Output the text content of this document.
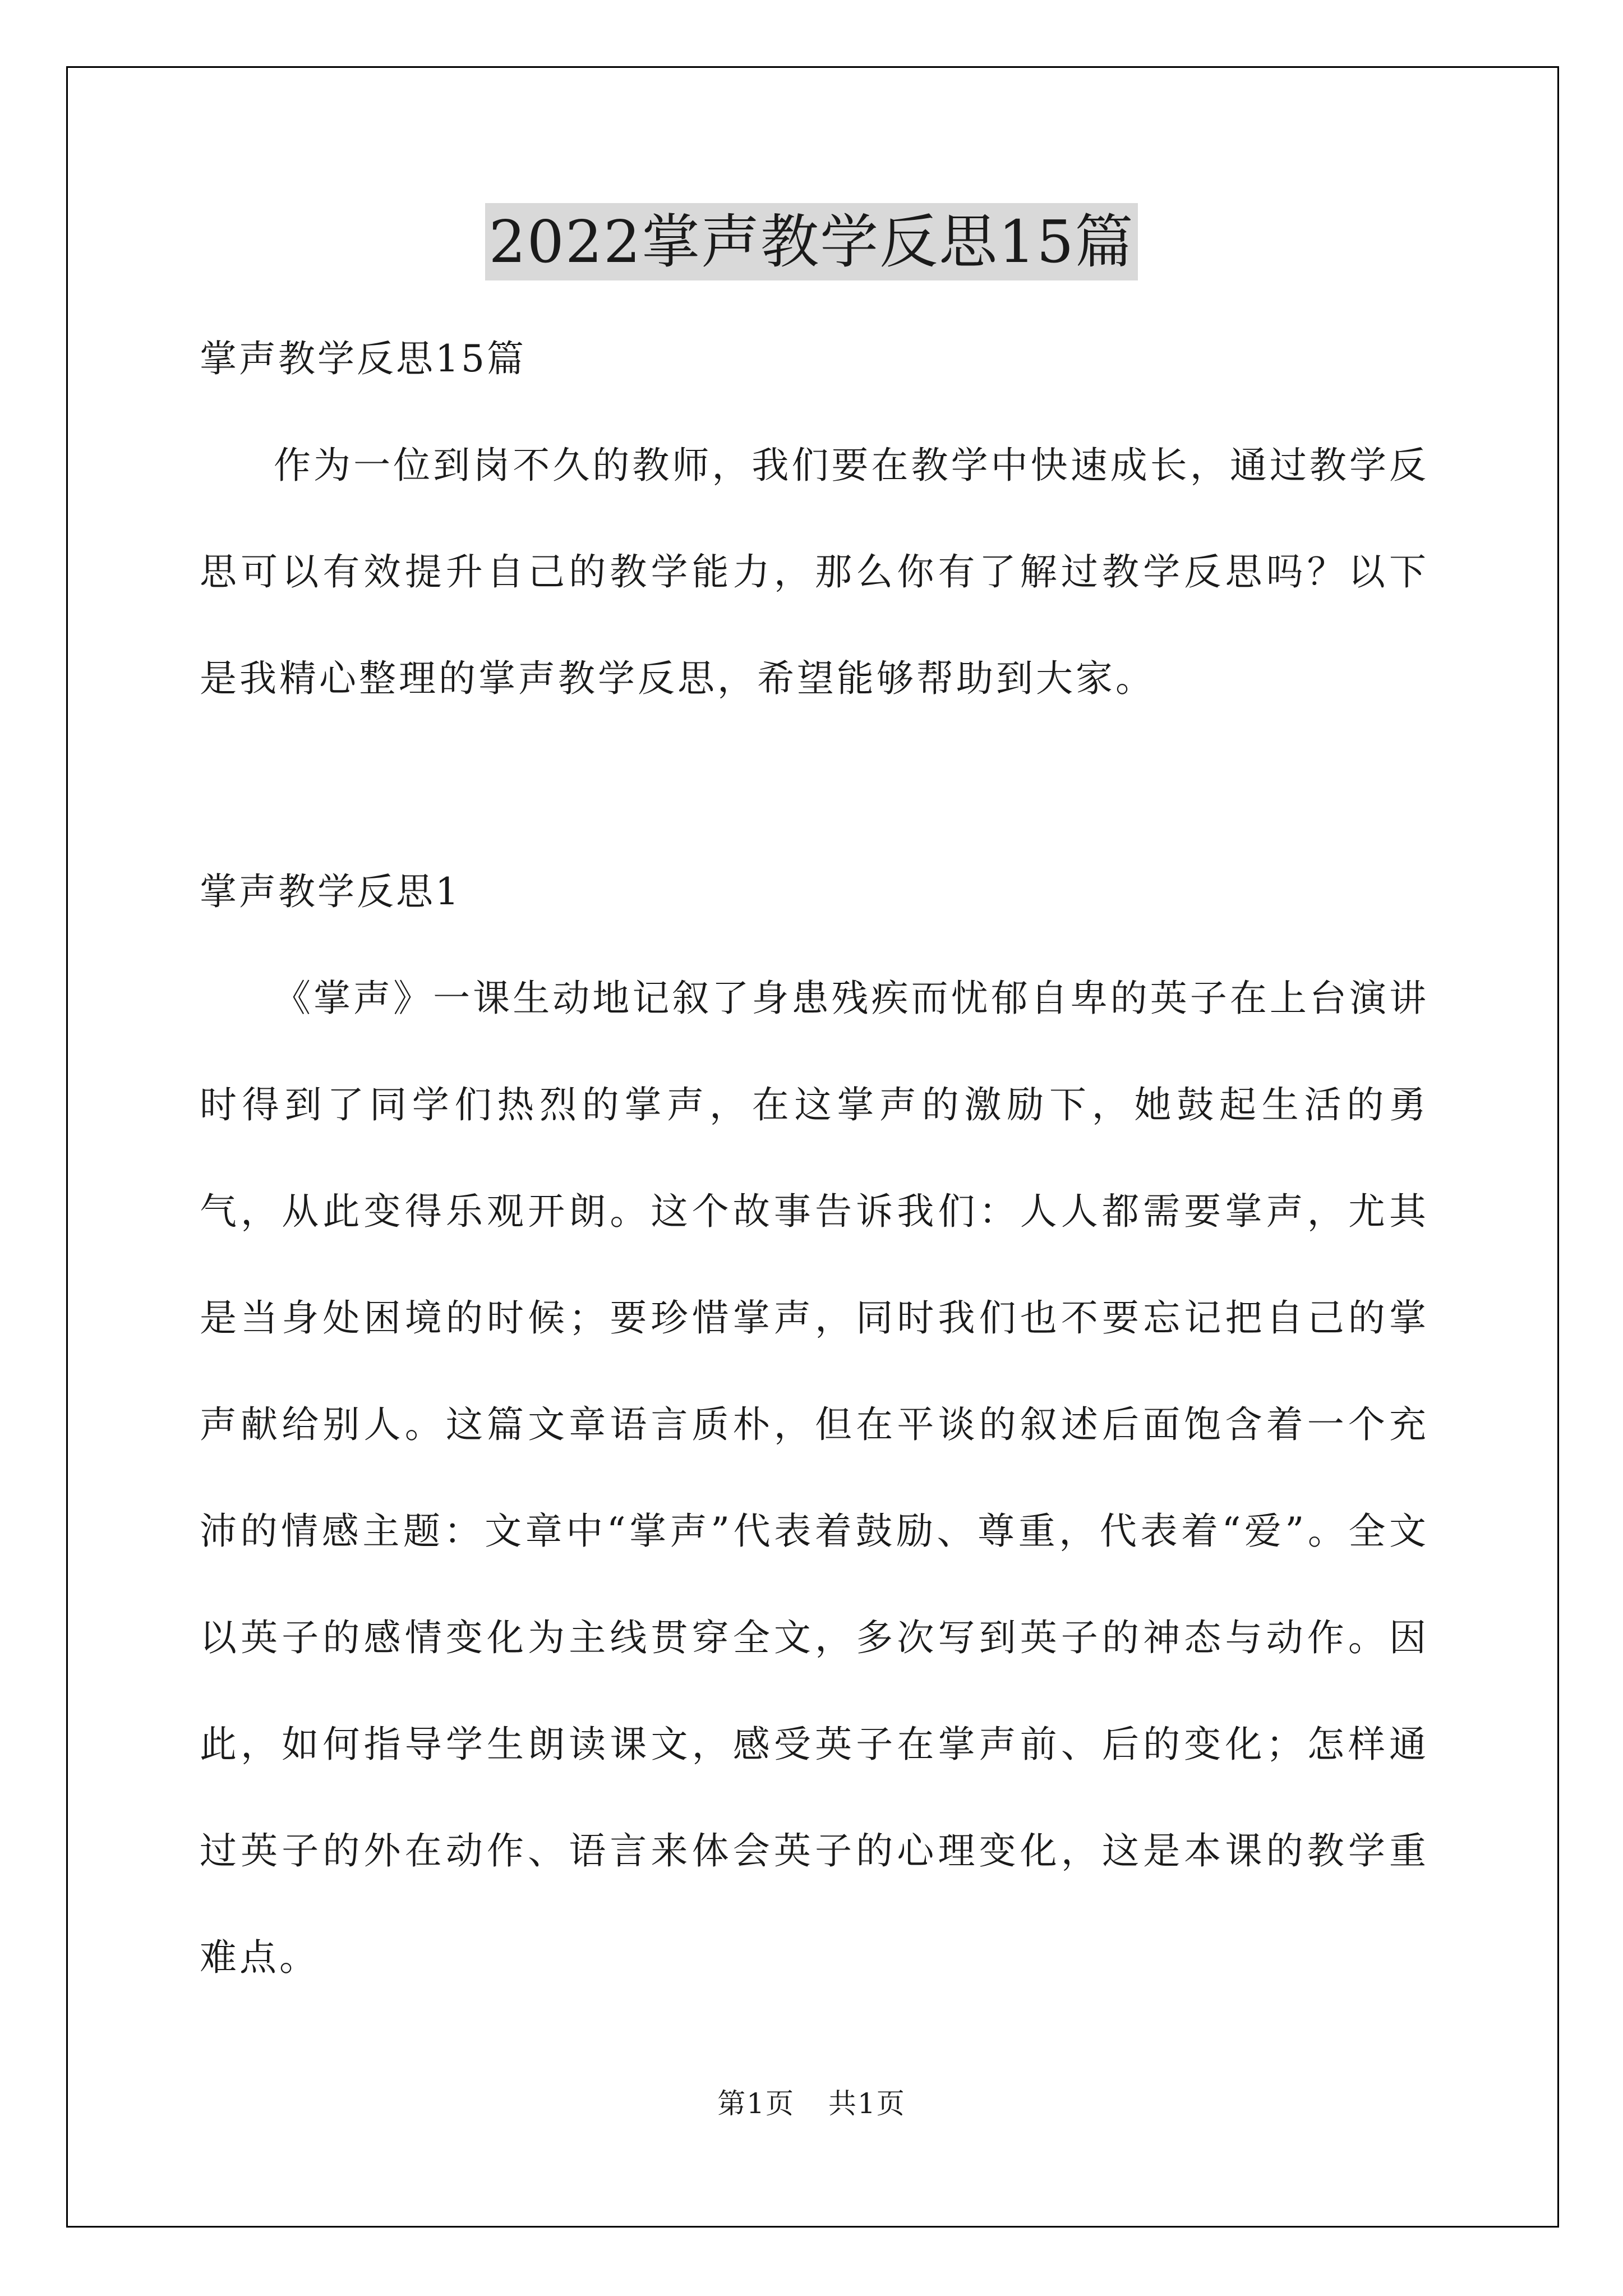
2022掌声教学反思15篇

掌声教学反思15篇

作为一位到岗不久的教师，我们要在教学中快速成长，通过教学反思可以有效提升自己的教学能力，那么你有了解过教学反思吗？以下是我精心整理的掌声教学反思，希望能够帮助到大家。

掌声教学反思1

《掌声》一课生动地记叙了身患残疾而忧郁自卑的英子在上台演讲时得到了同学们热烈的掌声，在这掌声的激励下，她鼓起生活的勇气，从此变得乐观开朗。这个故事告诉我们：人人都需要掌声，尤其是当身处困境的时候；要珍惜掌声，同时我们也不要忘记把自己的掌声献给别人。这篇文章语言质朴，但在平谈的叙述后面饱含着一个充沛的情感主题：文章中“掌声”代表着鼓励、尊重，代表着“爱”。全文以英子的感情变化为主线贯穿全文，多次写到英子的神态与动作。因此，如何指导学生朗读课文，感受英子在掌声前、后的变化；怎样通过英子的外在动作、语言来体会英子的心理变化，这是本课的教学重难点。

第1页 共1页
